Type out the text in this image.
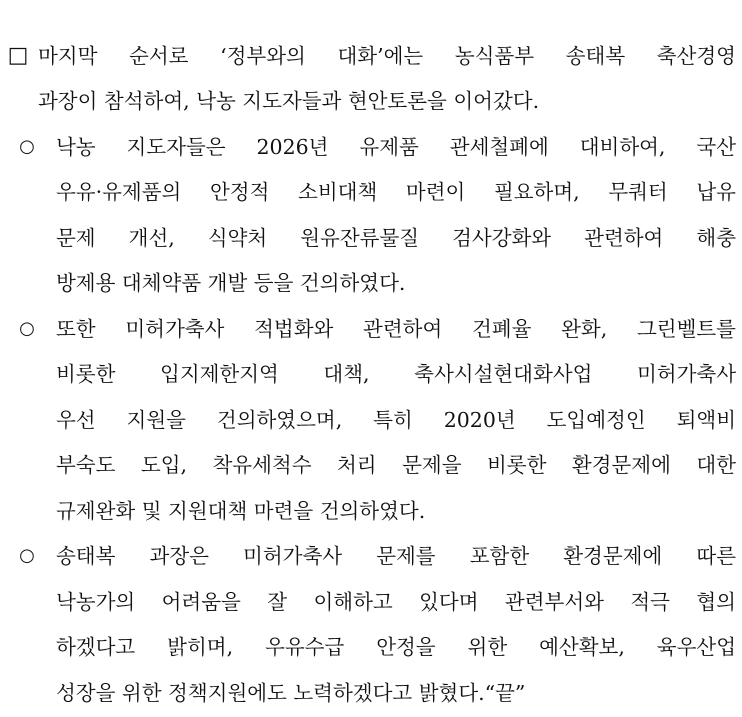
□ 마지막 순서로 ‘정부와의 대화’에는 농식품부 송태복 축산경영
과장이 참석하여, 낙농 지도자들과 현안토론을 이어갔다.
○ 낙농 지도자들은 2026년 유제품 관세철폐에 대비하여, 국산
우유·유제품의 안정적 소비대책 마련이 필요하며, 무쿼터 납유
문제 개선, 식약처 원유잔류물질 검사강화와 관련하여 해충
방제용 대체약품 개발 등을 건의하였다.
○ 또한 미허가축사 적법화와 관련하여 건폐율 완화, 그린벨트를
비롯한 입지제한지역 대책, 축사시설현대화사업 미허가축사
우선 지원을 건의하였으며, 특히 2020년 도입예정인 퇴액비
부숙도 도입, 착유세척수 처리 문제을 비롯한 환경문제에 대한
규제완화 및 지원대책 마련을 건의하였다.
○ 송태복 과장은 미허가축사 문제를 포함한 환경문제에 따른
낙농가의 어려움을 잘 이해하고 있다며 관련부서와 적극 협의
하겠다고 밝히며, 우유수급 안정을 위한 예산확보, 육우산업
성장을 위한 정책지원에도 노력하겠다고 밝혔다.“끝”
